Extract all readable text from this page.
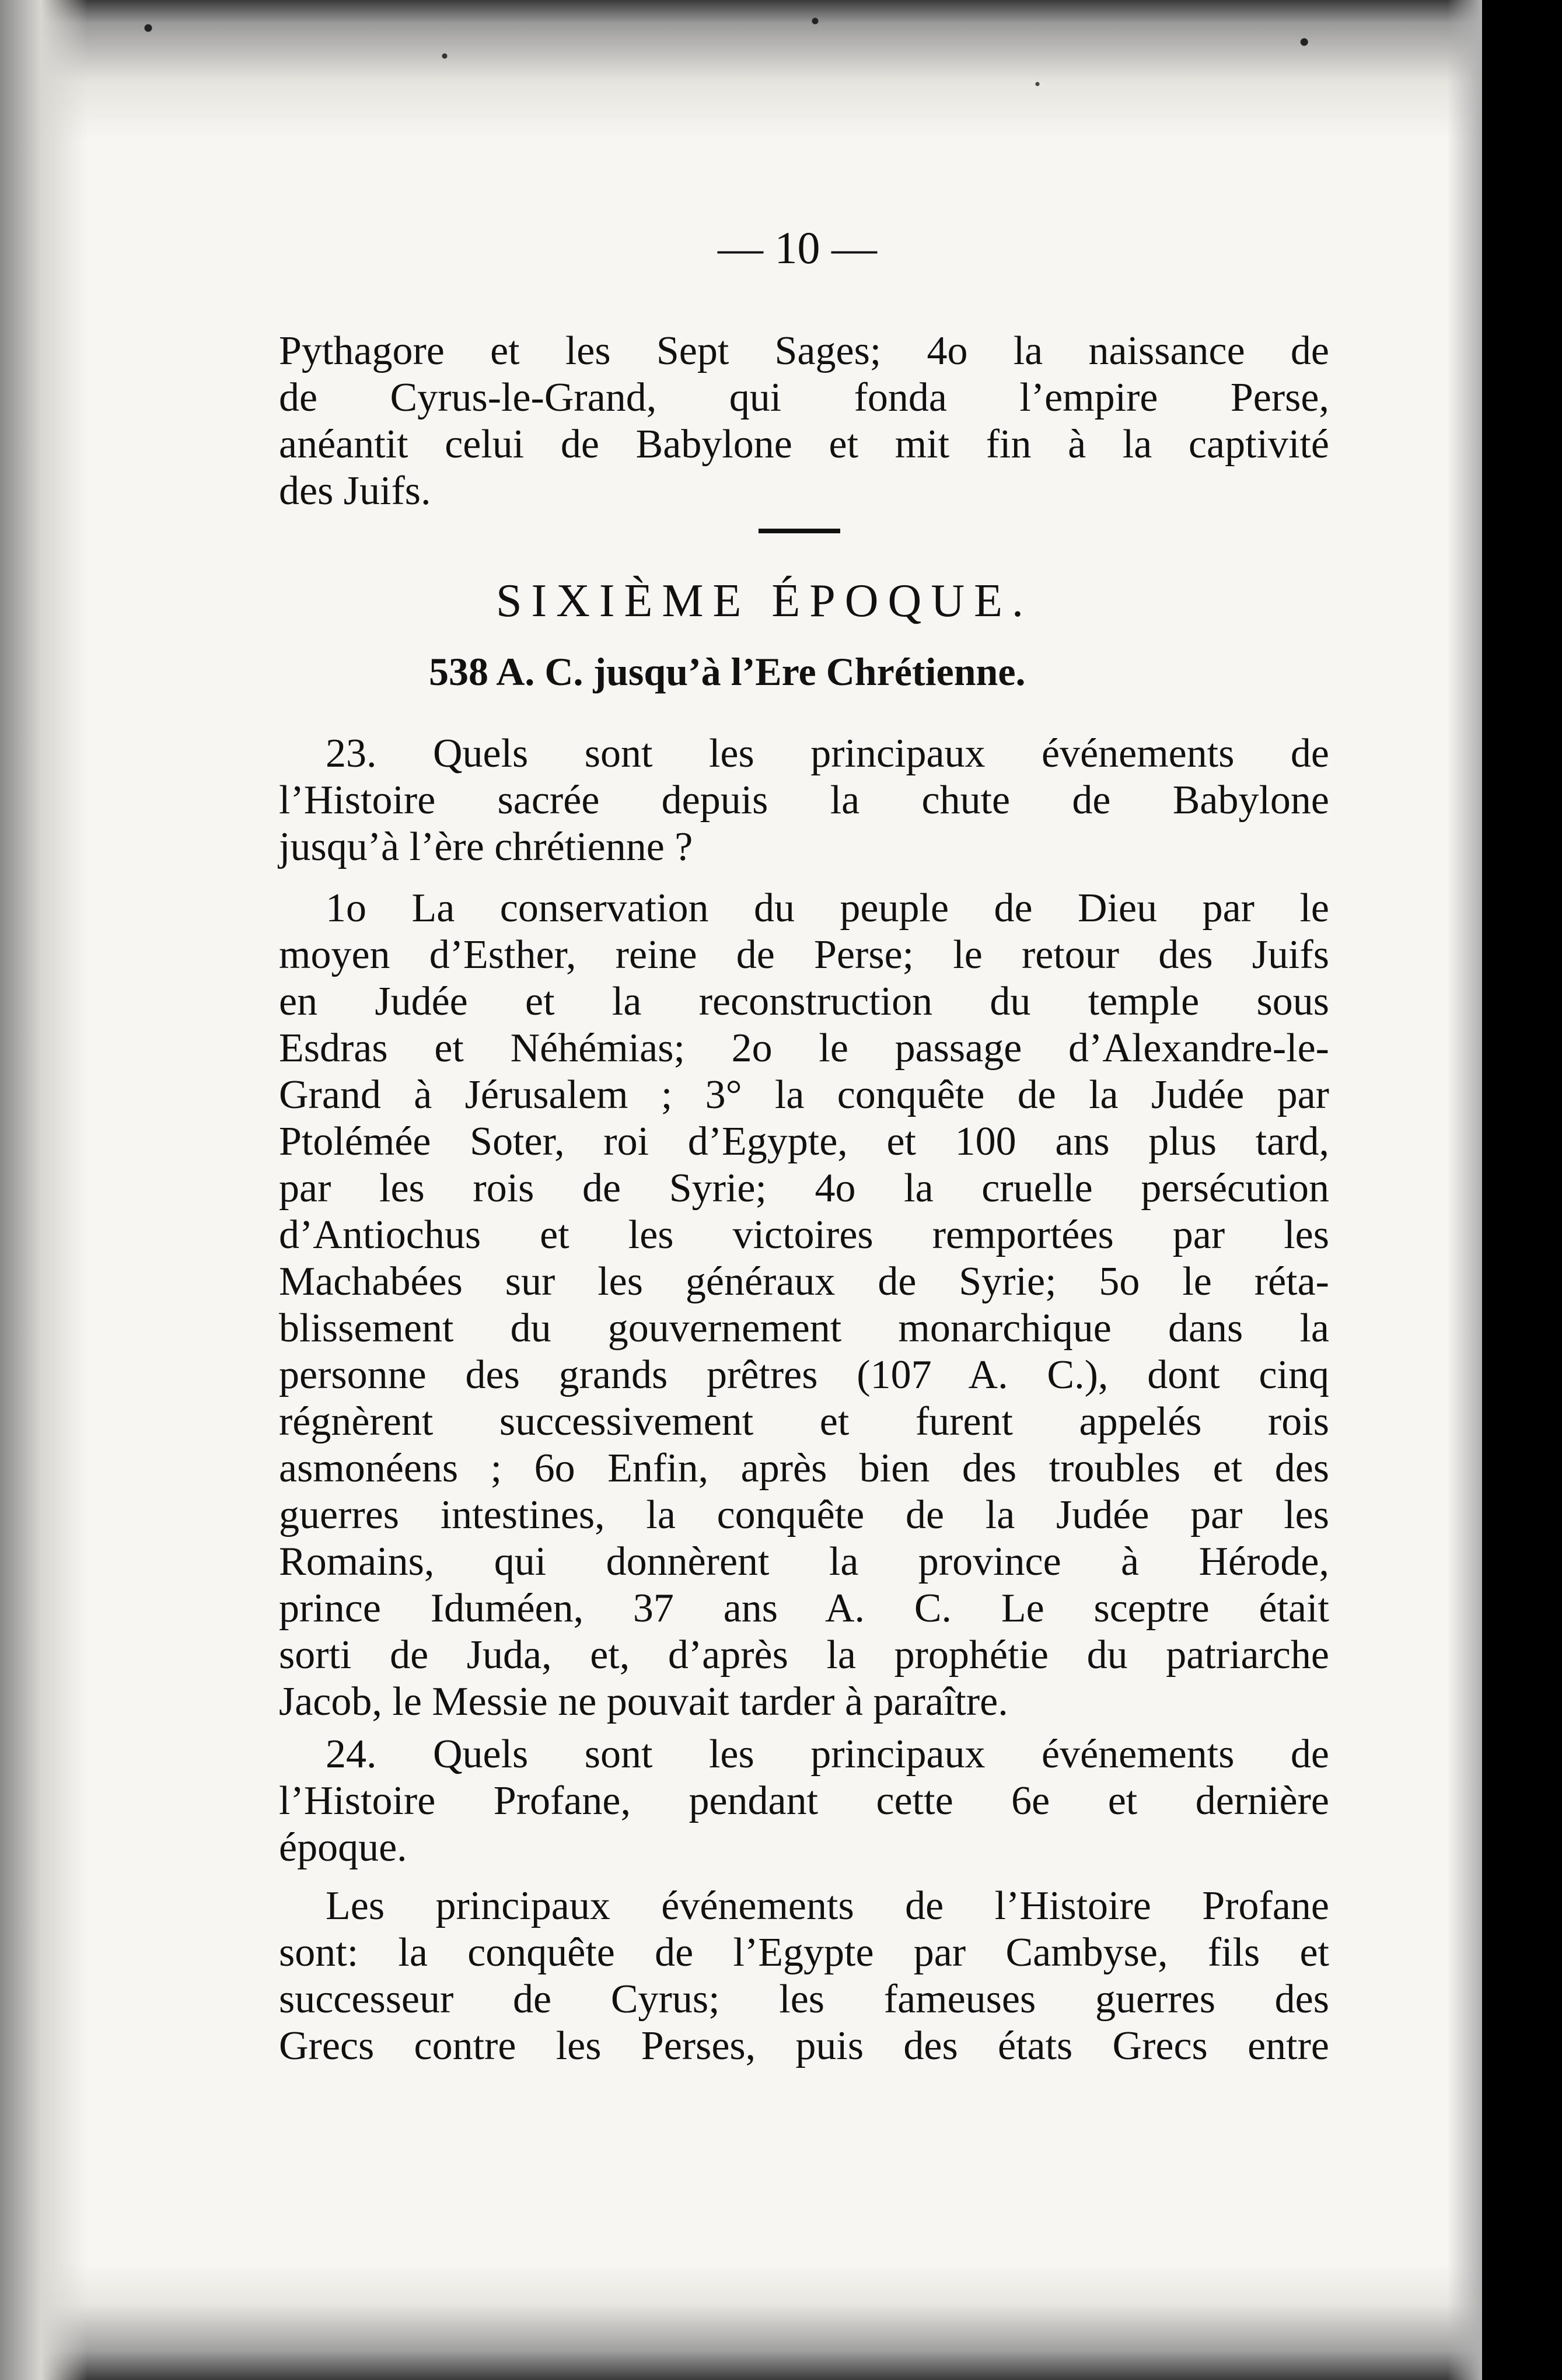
— 10 —
Pythagore et les Sept Sages; 4o la naissance de
de Cyrus-le-Grand, qui fonda l’empire Perse,
anéantit celui de Babylone et mit fin à la captivité
des Juifs.
SIXIÈME ÉPOQUE.
538 A. C. jusqu’à l’Ere Chrétienne.
23. Quels sont les principaux événements de
l’Histoire sacrée depuis la chute de Babylone
jusqu’à l’ère chrétienne ?
1o La conservation du peuple de Dieu par le
moyen d’Esther, reine de Perse; le retour des Juifs
en Judée et la reconstruction du temple sous
Esdras et Néhémias; 2o le passage d’Alexandre-le-
Grand à Jérusalem ; 3° la conquête de la Judée par
Ptolémée Soter, roi d’Egypte, et 100 ans plus tard,
par les rois de Syrie; 4o la cruelle persécution
d’Antiochus et les victoires remportées par les
Machabées sur les généraux de Syrie; 5o le réta-
blissement du gouvernement monarchique dans la
personne des grands prêtres (107 A. C.), dont cinq
régnèrent successivement et furent appelés rois
asmonéens ; 6o Enfin, après bien des troubles et des
guerres intestines, la conquête de la Judée par les
Romains, qui donnèrent la province à Hérode,
prince Iduméen, 37 ans A. C. Le sceptre était
sorti de Juda, et, d’après la prophétie du patriarche
Jacob, le Messie ne pouvait tarder à paraître.
24. Quels sont les principaux événements de
l’Histoire Profane, pendant cette 6e et dernière
époque.
Les principaux événements de l’Histoire Profane
sont: la conquête de l’Egypte par Cambyse, fils et
successeur de Cyrus; les fameuses guerres des
Grecs contre les Perses, puis des états Grecs entre
